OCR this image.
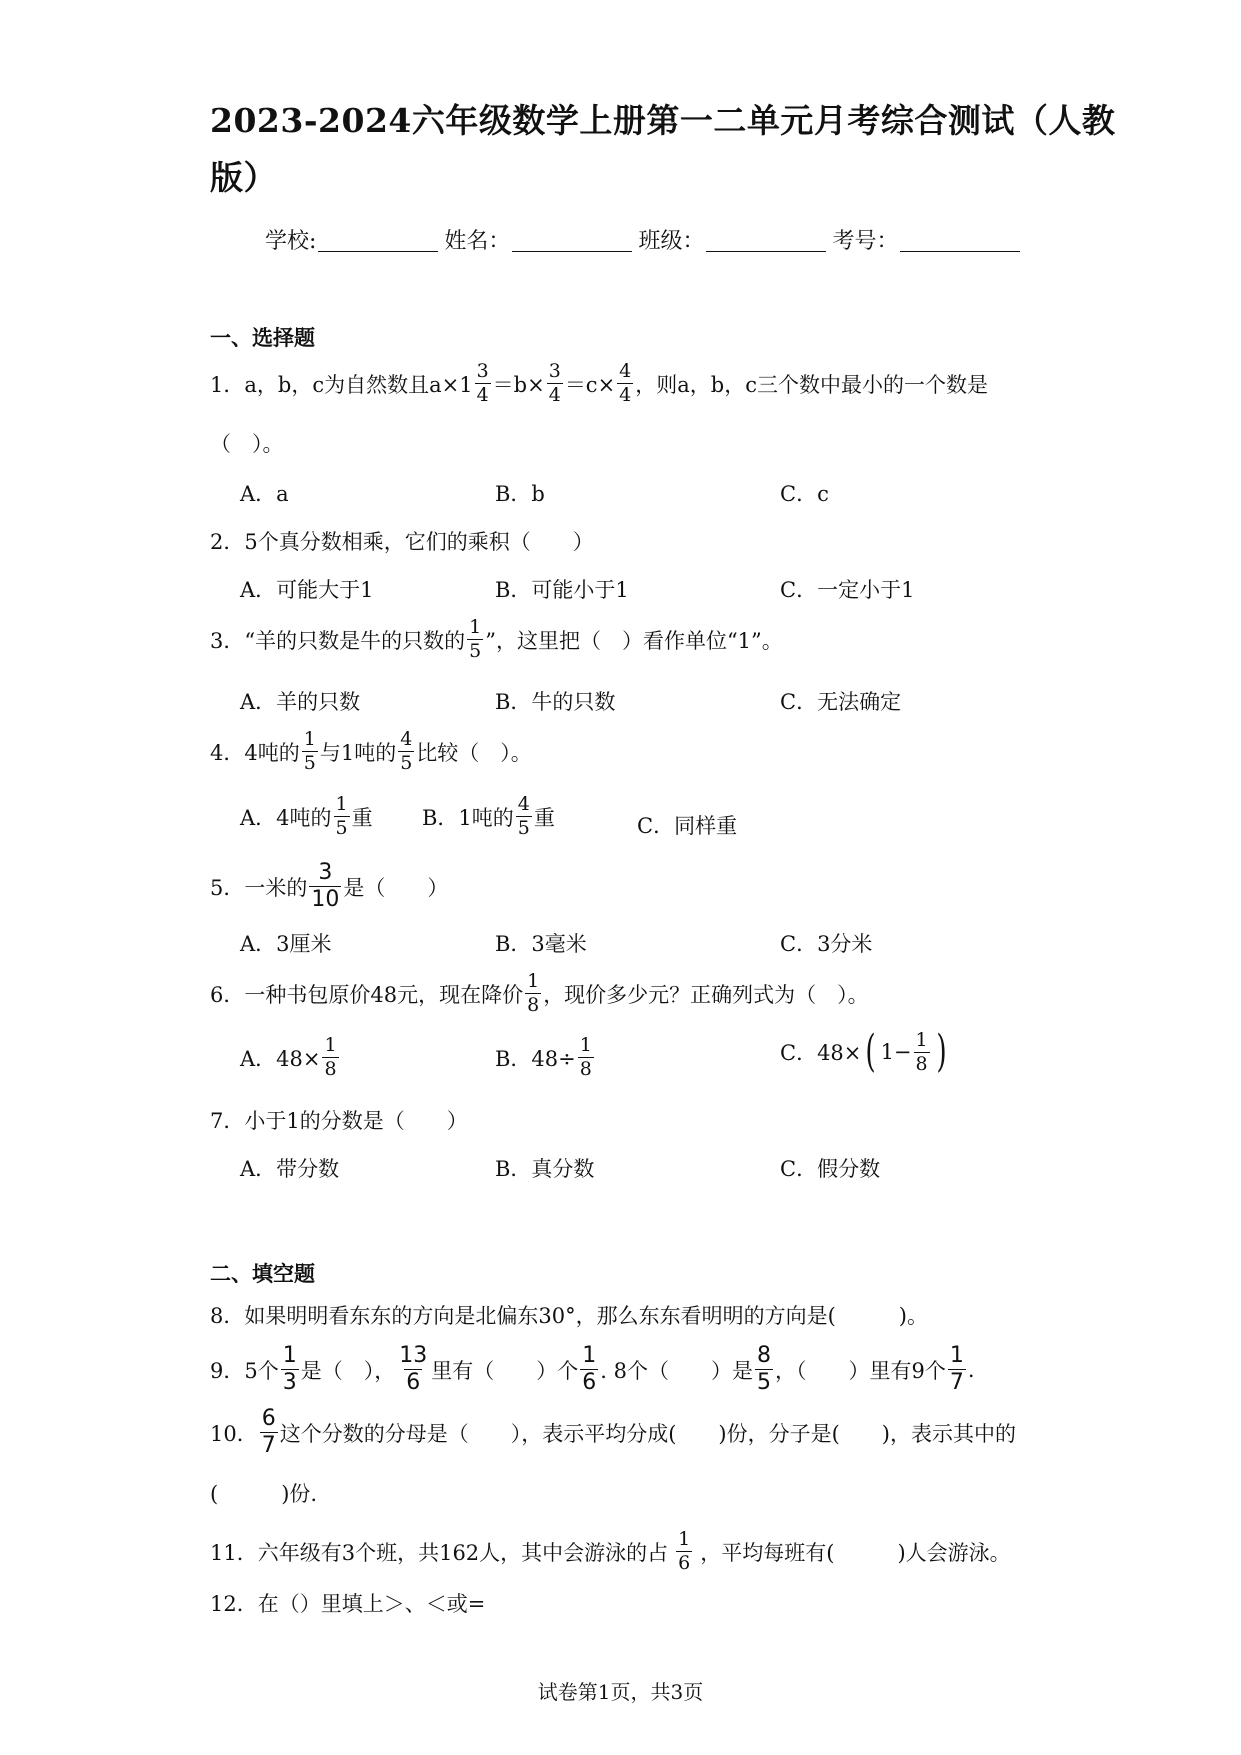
2023-2024六年级数学上册第一二单元月考综合测试（人教
版）
学校:	姓名：	班级：	考号：
一、选择题
1． a，b，c为自然数且$a\times 1 \frac{3}{4} =b\times \frac{3}{4} =c\times \frac{4}{4}$ ，则a，b，c三个数中最小的一个数是
（　）。
A．a	B．b	C．c
2．5个真分数相乘，它们的乘积（　　）
A．可能大于1	B．可能小于1	C．一定小于1
3．“羊的只数是牛的只数的 $\frac{1}{5}$ ”，这里把（　）看作单位“1”。
A．羊的只数	B．牛的只数	C．无法确定
4．4吨的 $\frac{1}{5}$ 与1吨的 $\frac{4}{5}$ 比较（　）。
A．4吨的 $\frac{1}{5}$ 重 B．1吨的 $\frac{4}{5}$ 重	C．同样重
5．一米的 $\frac{3}{10}$ 是（　　）
A．3厘米	B．3毫米	C．3分米
6．一种书包原价48元，现在降价 $\frac{1}{8}$ ，现价多少元？正确列式为（　）。
A．$48\times \frac{1}{8}$	B．$48\div \frac{1}{8}$	C．48× ( $1- \frac{1}{8}$ )
7．小于1的分数是（　　）
A．带分数	B．真分数	C．假分数
二、填空题
8．如果明明看东东的方向是北偏东30°，那么东东看明明的方向是(　　　)。
9．5个 $\frac{1}{3}$ 是（　）， $\frac{13}{6}$ 里有（　　）个 $\frac{1}{6}$ . 8个（　　）是 $\frac{8}{5}$ ，（　　）里有9个 $\frac{1}{7}$ .
10． $\frac{6}{7}$ 这个分数的分母是（　　），表示平均分成(　　)份，分子是(　　)，表示其中的
(　　　)份.
11．六年级有3个班，共162人，其中会游泳的占 $\frac{1}{6}$ ，平均每班有(　　　)人会游泳。
12．在（）里填上＞、＜或=
试卷第1页，共3页
